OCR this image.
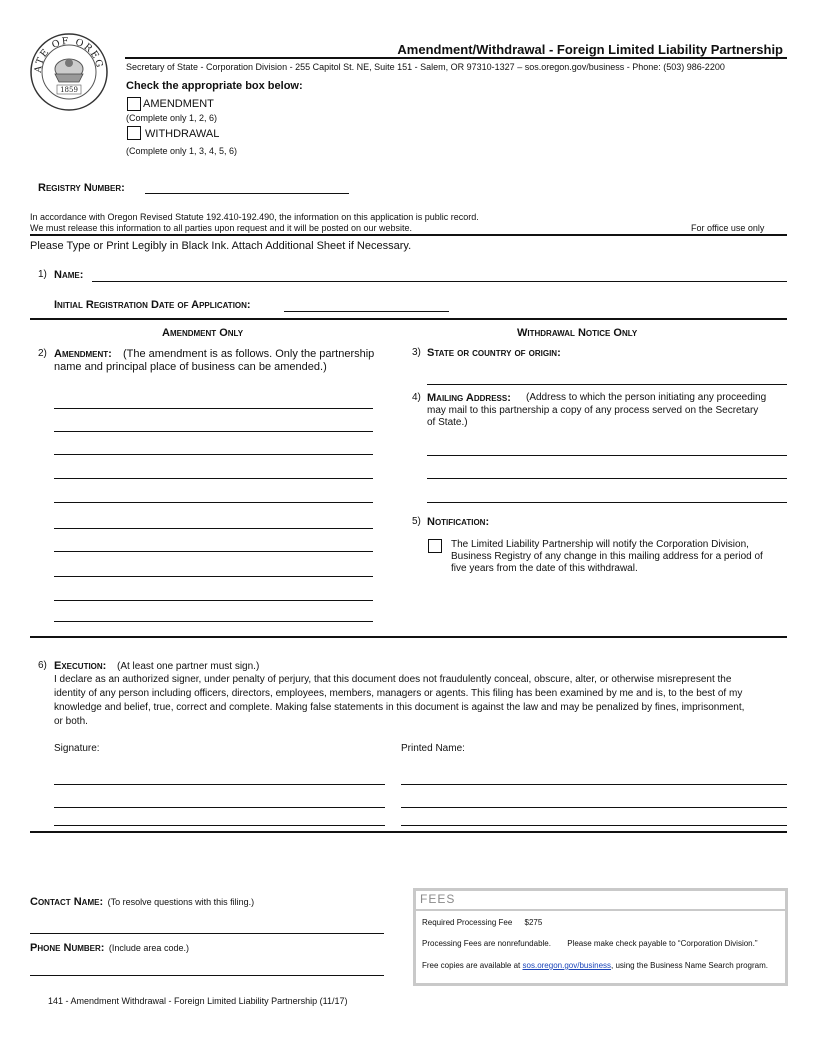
ATE OF OREG
1859
Amendment/Withdrawal - Foreign Limited Liability Partnership
Secretary of State - Corporation Division - 255 Capitol St. NE, Suite 151 - Salem, OR 97310-1327 – sos.oregon.gov/business - Phone: (503) 986-2200
Check the appropriate box below:
AMENDMENT
(Complete only 1, 2, 6)
WITHDRAWAL
(Complete only 1, 3, 4, 5, 6)
Registry Number:
In accordance with Oregon Revised Statute 192.410-192.490, the information on this application is public record.
We must release this information to all parties upon request and it will be posted on our website.	For office use only
Please Type or Print Legibly in Black Ink. Attach Additional Sheet if Necessary.
1) Name:
Initial Registration Date of Application:
Amendment Only
2) Amendment: (The amendment is as follows. Only the partnership
name and principal place of business can be amended.)
Withdrawal Notice Only
3) State or country of origin:
4) Mailing Address: (Address to which the person initiating any proceeding
may mail to this partnership a copy of any process served on the Secretary
of State.)
5) Notification:
The Limited Liability Partnership will notify the Corporation Division,
Business Registry of any change in this mailing address for a period of
five years from the date of this withdrawal.
6) Execution: (At least one partner must sign.)
I declare as an authorized signer, under penalty of perjury, that this document does not fraudulently conceal, obscure, alter, or otherwise misrepresent the
identity of any person including officers, directors, employees, members, managers or agents. This filing has been examined by me and is, to the best of my
knowledge and belief, true, correct and complete. Making false statements in this document is against the law and may be penalized by fines, imprisonment,
or both.
Signature:	Printed Name:
Contact Name: (To resolve questions with this filing.)
Phone Number: (Include area code.)
FEES
Required Processing Fee $275
Processing Fees are nonrefundable. Please make check payable to “Corporation Division.”
Free copies are available at sos.oregon.gov/business, using the Business Name Search program.
141 - Amendment Withdrawal - Foreign Limited Liability Partnership (11/17)
